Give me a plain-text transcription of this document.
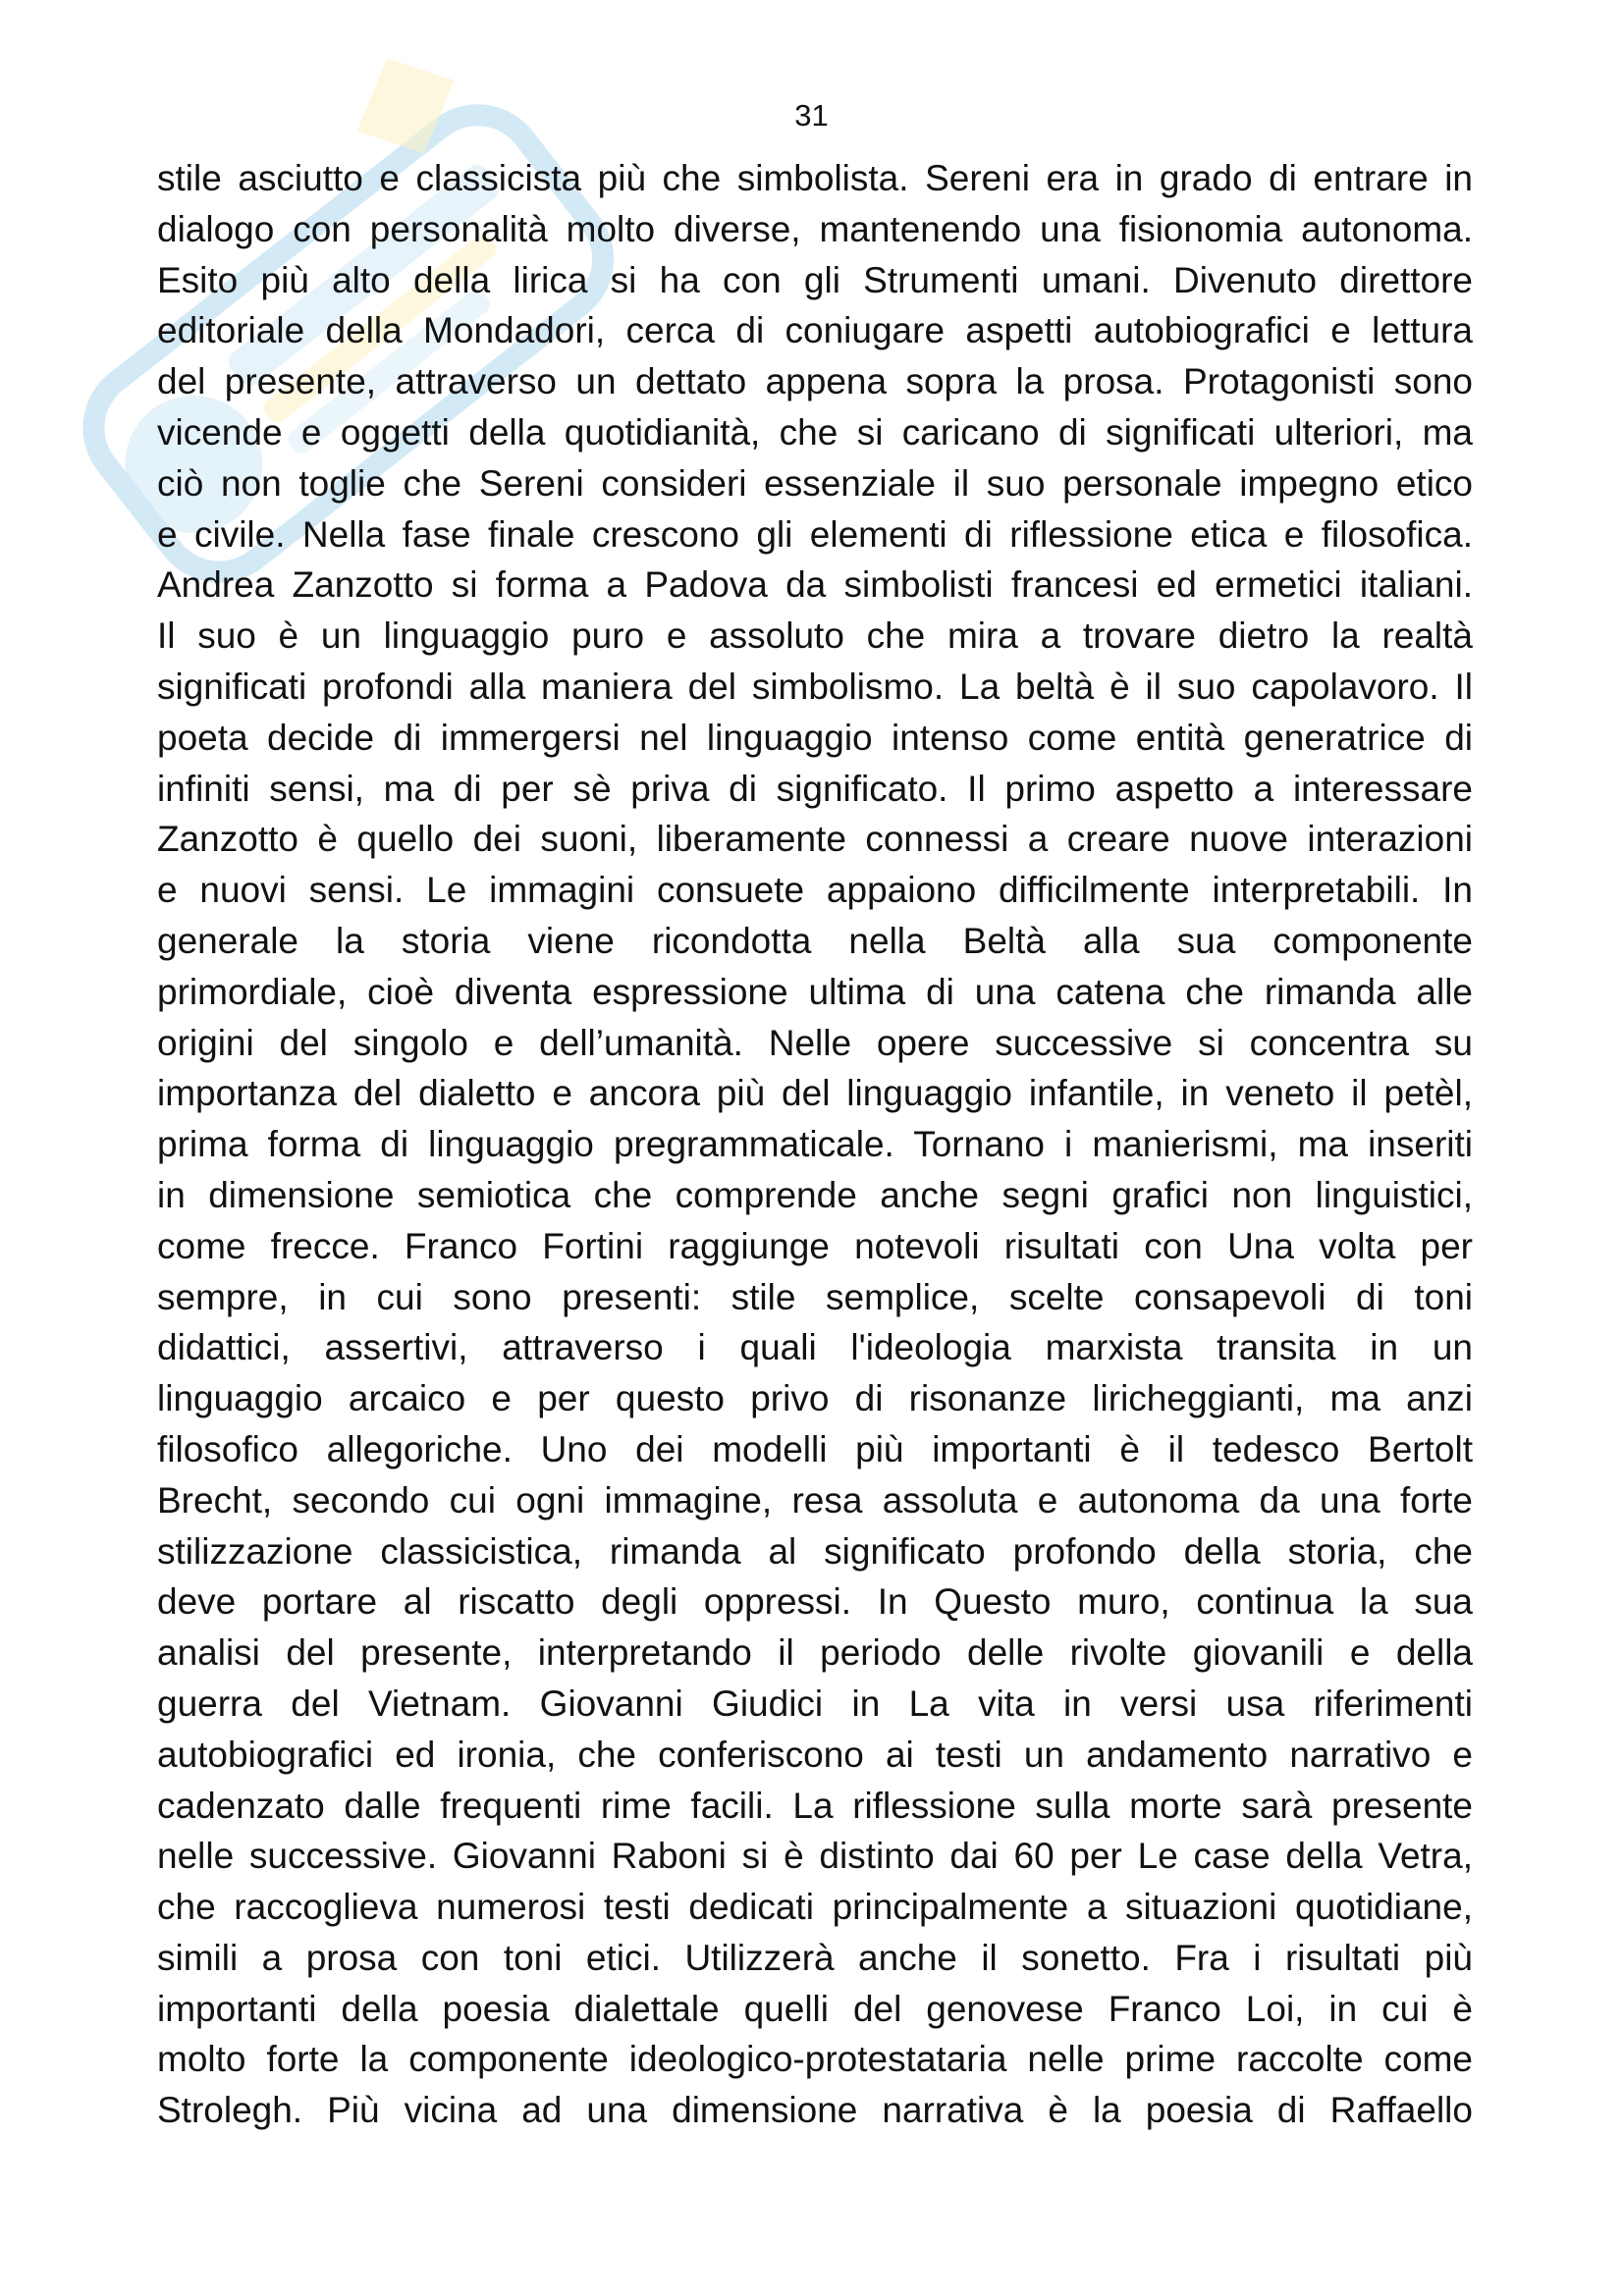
31
stile asciutto e classicista più che simbolista. Sereni era in grado di entrare in
dialogo con personalità molto diverse, mantenendo una fisionomia autonoma.
Esito più alto della lirica si ha con gli Strumenti umani. Divenuto direttore
editoriale della Mondadori, cerca di coniugare aspetti autobiografici e lettura
del presente, attraverso un dettato appena sopra la prosa. Protagonisti sono
vicende e oggetti della quotidianità, che si caricano di significati ulteriori, ma
ciò non toglie che Sereni consideri essenziale il suo personale impegno etico
e civile. Nella fase finale crescono gli elementi di riflessione etica e filosofica.
Andrea Zanzotto si forma a Padova da simbolisti francesi ed ermetici italiani.
Il suo è un linguaggio puro e assoluto che mira a trovare dietro la realtà
significati profondi alla maniera del simbolismo. La beltà è il suo capolavoro. Il
poeta decide di immergersi nel linguaggio intenso come entità generatrice di
infiniti sensi, ma di per sè priva di significato. Il primo aspetto a interessare
Zanzotto è quello dei suoni, liberamente connessi a creare nuove interazioni
e nuovi sensi. Le immagini consuete appaiono difficilmente interpretabili. In
generale la storia viene ricondotta nella Beltà alla sua componente
primordiale, cioè diventa espressione ultima di una catena che rimanda alle
origini del singolo e dell’umanità. Nelle opere successive si concentra su
importanza del dialetto e ancora più del linguaggio infantile, in veneto il petèl,
prima forma di linguaggio pregrammaticale. Tornano i manierismi, ma inseriti
in dimensione semiotica che comprende anche segni grafici non linguistici,
come frecce. Franco Fortini raggiunge notevoli risultati con Una volta per
sempre, in cui sono presenti: stile semplice, scelte consapevoli di toni
didattici, assertivi, attraverso i quali l'ideologia marxista transita in un
linguaggio arcaico e per questo privo di risonanze liricheggianti, ma anzi
filosofico allegoriche. Uno dei modelli più importanti è il tedesco Bertolt
Brecht, secondo cui ogni immagine, resa assoluta e autonoma da una forte
stilizzazione classicistica, rimanda al significato profondo della storia, che
deve portare al riscatto degli oppressi. In Questo muro, continua la sua
analisi del presente, interpretando il periodo delle rivolte giovanili e della
guerra del Vietnam. Giovanni Giudici in La vita in versi usa riferimenti
autobiografici ed ironia, che conferiscono ai testi un andamento narrativo e
cadenzato dalle frequenti rime facili. La riflessione sulla morte sarà presente
nelle successive. Giovanni Raboni si è distinto dai 60 per Le case della Vetra,
che raccoglieva numerosi testi dedicati principalmente a situazioni quotidiane,
simili a prosa con toni etici. Utilizzerà anche il sonetto. Fra i risultati più
importanti della poesia dialettale quelli del genovese Franco Loi, in cui è
molto forte la componente ideologico-protestataria nelle prime raccolte come
Strolegh. Più vicina ad una dimensione narrativa è la poesia di Raffaello
